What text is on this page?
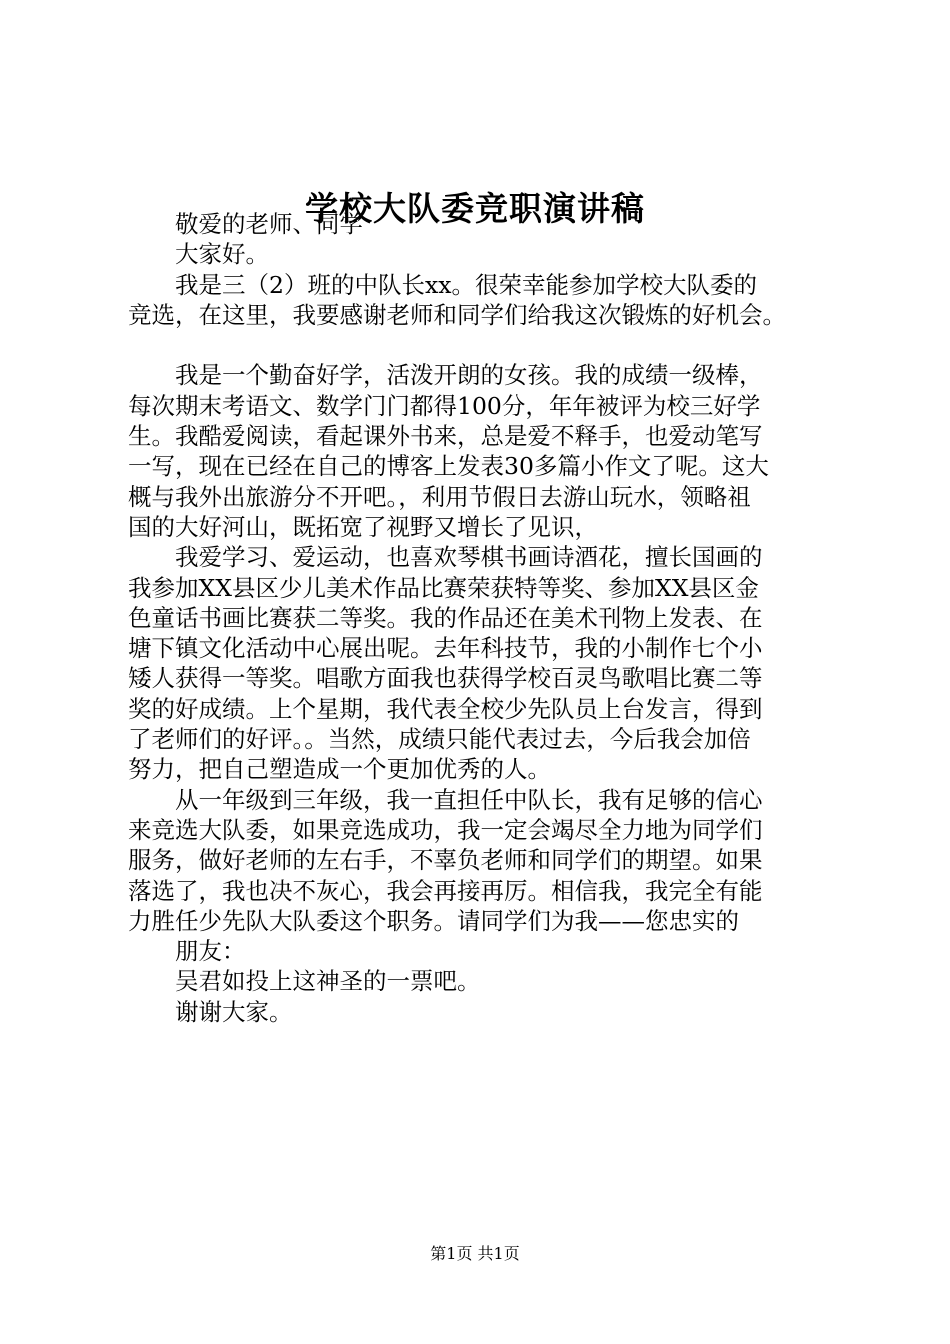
学校大队委竞职演讲稿
敬爱的老师、同学
大家好。
我是三（2）班的中队长xx。很荣幸能参加学校大队委的
竞选，在这里，我要感谢老师和同学们给我这次锻炼的好机会。
我是一个勤奋好学，活泼开朗的女孩。我的成绩一级棒，
每次期末考语文、数学门门都得100分，年年被评为校三好学
生。我酷爱阅读，看起课外书来，总是爱不释手，也爱动笔写
一写，现在已经在自己的博客上发表30多篇小作文了呢。这大
概与我外出旅游分不开吧。，利用节假日去游山玩水，领略祖
国的大好河山，既拓宽了视野又增长了见识，
我爱学习、爱运动，也喜欢琴棋书画诗酒花，擅长国画的
我参加XX县区少儿美术作品比赛荣获特等奖、参加XX县区金
色童话书画比赛获二等奖。我的作品还在美术刊物上发表、在
塘下镇文化活动中心展出呢。去年科技节，我的小制作七个小
矮人获得一等奖。唱歌方面我也获得学校百灵鸟歌唱比赛二等
奖的好成绩。上个星期，我代表全校少先队员上台发言，得到
了老师们的好评。。当然，成绩只能代表过去，今后我会加倍
努力，把自己塑造成一个更加优秀的人。
从一年级到三年级，我一直担任中队长，我有足够的信心
来竞选大队委，如果竞选成功，我一定会竭尽全力地为同学们
服务，做好老师的左右手，不辜负老师和同学们的期望。如果
落选了，我也决不灰心，我会再接再厉。相信我，我完全有能
力胜任少先队大队委这个职务。请同学们为我——您忠实的
朋友：
吴君如投上这神圣的一票吧。
谢谢大家。
第1页 共1页
